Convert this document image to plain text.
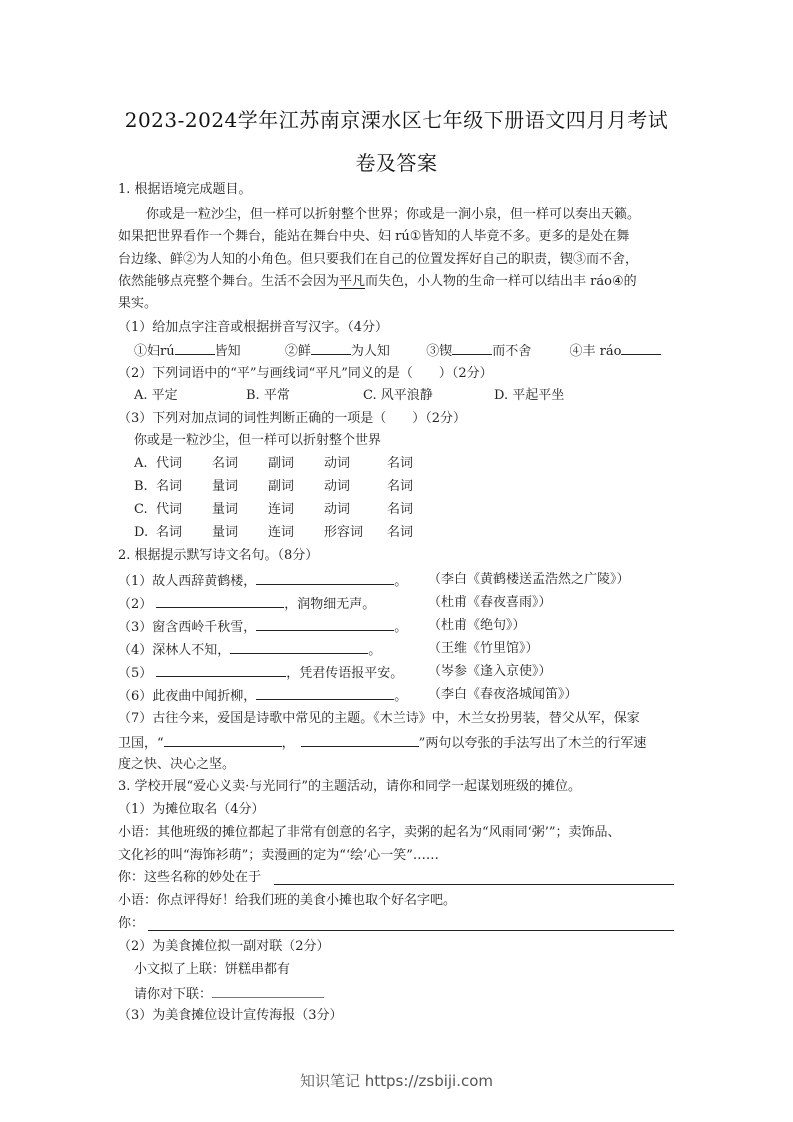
2023-2024学年江苏南京溧水区七年级下册语文四月月考试
卷及答案
1. 根据语境完成题目。
你或是一粒沙尘，但一样可以折射整个世界；你或是一涧小泉，但一样可以奏出天籁。
如果把世界看作一个舞台，能站在舞台中央、妇 rú①皆知的人毕竟不多。更多的是处在舞
台边缘、鲜②为人知的小角色。但只要我们在自己的位置发挥好自己的职责，锲③而不舍，
依然能够点亮整个舞台。生活不会因为平凡而失色，小人物的生命一样可以结出丰 ráo④的
果实。
（1）给加点字注音或根据拼音写汉字。（4分）
①妇rú	皆知	②鲜	为人知	③锲	而不舍	④丰 ráo
（2）下列词语中的“平”与画线词“平凡”同义的是（　　）（2分）
A. 平定	B. 平常	C. 风平浪静	D. 平起平坐
（3）下列对加点词的词性判断正确的一项是（　　）（2分）
你或是一粒沙尘，但一样可以折射整个世界
A. 代词 名词 副词 动词	名词
B. 名词 量词 副词 动词	名词
C. 代词 量词 连词 动词	名词
D. 名词 量词 连词 形容词 名词
2. 根据提示默写诗文名句。（8分）
（1）故人西辞黄鹤楼，	。 （李白《黄鹤楼送孟浩然之广陵》）
（2）	，润物细无声。	（杜甫《春夜喜雨》）
（3）窗含西岭千秋雪，	。 （杜甫《绝句》）
（4）深林人不知，	。	（王维《竹里馆》）
（5）	，凭君传语报平安。 （岑参《逢入京使》）
（6）此夜曲中闻折柳，	。 （李白《春夜洛城闻笛》）
（7）古往今来，爱国是诗歌中常见的主题。《木兰诗》中，木兰女扮男装，替父从军，保家
卫国，“	，	”两句以夸张的手法写出了木兰的行军速
度之快、决心之坚。
3. 学校开展“爱心义卖·与光同行”的主题活动，请你和同学一起谋划班级的摊位。
（1）为摊位取名（4分）
小语：其他班级的摊位都起了非常有创意的名字，卖粥的起名为“风雨同‘粥’”；卖饰品、
文化衫的叫“海饰衫萌”；卖漫画的定为“‘绘’心一笑”……
你：这些名称的妙处在于
小语：你点评得好！给我们班的美食小摊也取个好名字吧。
你：
（2）为美食摊位拟一副对联（2分）
小文拟了上联：饼糕串都有
请你对下联：
（3）为美食摊位设计宣传海报（3分）
知识笔记 https://zsbiji.com
